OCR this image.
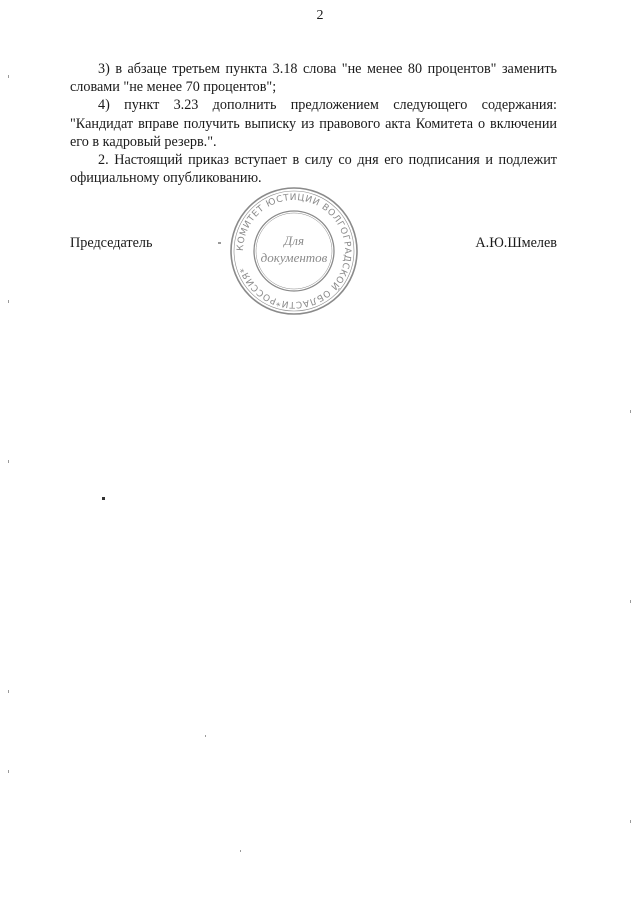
2

3) в абзаце третьем пункта 3.18 слова "не менее 80 процентов" заменить словами "не менее 70 процентов";

4) пункт 3.23 дополнить предложением следующего содержания: "Кандидат вправе получить выписку из правового акта Комитета о включении его в кадровый резерв.".

2. Настоящий приказ вступает в силу со дня его подписания и подлежит официальному опубликованию.

Председатель	А.Ю.Шмелев
КОМИТЕТ ЮСТИЦИИ ВОЛГОГРАДСКОЙ ОБЛАСТИ*РОССИЯ*
Для
документов
